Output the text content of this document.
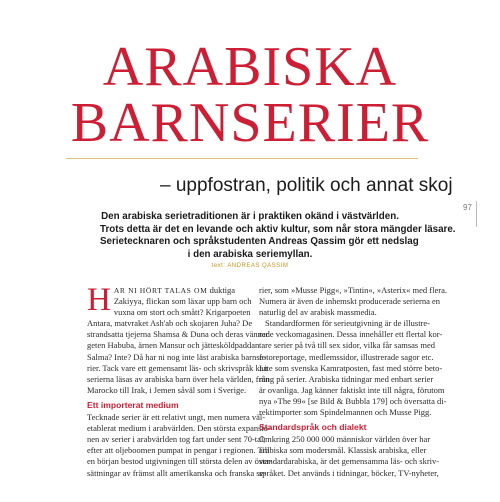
ARABISKA
BARNSERIER
– uppfostran, politik och annat skoj
97
Den arabiska serietraditionen är i praktiken okänd i västvärlden.
Trots detta är det en levande och aktiv kultur, som når stora mängder läsare.
Serietecknaren och språkstudenten Andreas Qassim gör ett nedslag
i den arabiska seriemyllan.
text: ANDREAS QASSIM

H AR NI HÖRT TALAS OM duktiga
Zakiyya, flickan som läxar upp barn och
vuxna om stort och smått? Krigarpoeten
Antara, matvraket Ash'ab och skojaren Juha? De
strandsatta tjejerna Shamsa & Duna och deras vänner
geten Habuba, ärnen Mansur och jättesköldpaddan
Salma? Inte? Då har ni nog inte läst arabiska barnse-
rier. Tack vare ett gemensamt läs- och skrivspråk kan
serierna läsas av arabiska barn över hela världen, från
Marocko till Irak, i Jemen såväl som i Sverige.

Ett importerat medium

Tecknade serier är ett relativt ungt, men numera väl-
etablerat medium i arabvärlden. Den största expansio-
nen av serier i arabvärlden tog fart under sent 70-tal,
efter att oljeboomen pumpat in pengar i regionen. Till
en början bestod utgivningen till största delen av över-
sättningar av främst allt amerikanska och franska se-

rier, som »Musse Pigg«, »Tintin«, »Asterix« med flera.
Numera är även de inhemskt producerade serierna en
naturlig del av arabisk massmedia.

Standardformen för serieutgivning är de illustre-
rade veckomagasinen. Dessa innehåller ett flertal kor-
tare serier på två till sex sidor, vilka får samsas med
fotoreportage, medlemssidor, illustrerade sagor etc.
Lite som svenska Kamratposten, fast med större beto-
ning på serier. Arabiska tidningar med enbart serier
är ovanliga. Jag känner faktiskt inte till några, förutom
nya »The 99« [se Bild & Bubbla 179] och översatta di-
rektimporter som Spindelmannen och Musse Pigg.

Standardspråk och dialekt

Omkring 250 000 000 människor världen över har
arabiska som modersmål. Klassisk arabiska, eller
standardarabiska, är det gemensamma läs- och skriv-
språket. Det används i tidningar, böcker, TV-nyheter,
